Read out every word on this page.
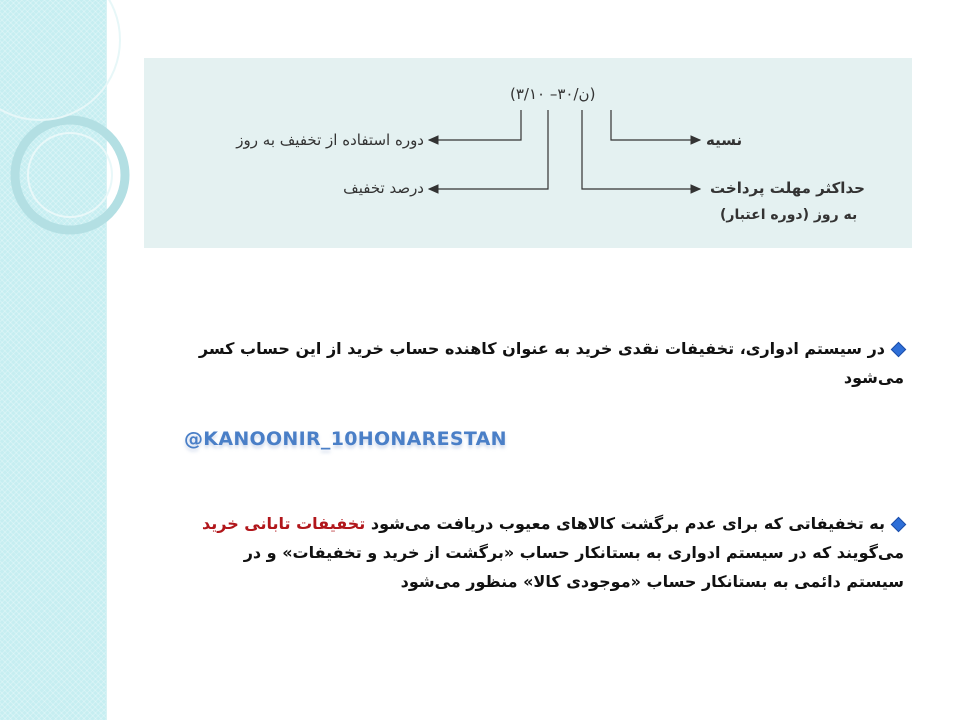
(ن/۳۰– ۳/۱۰)
دوره استفاده از تخفیف به روز	نسیه
درصد تخفیف	حداکثر مهلت پرداخت
به روز (دوره اعتبار)
در سیستم ادواری، تخفیفات نقدی خرید به عنوان کاهنده حساب خرید از این حساب کسر می‌شود
@KANOONIR_10HONARESTAN
به تخفیفاتی که برای عدم برگشت کالاهای معیوب دریافت می‌شود تخفیفات تابانی خرید می‌گویند که در سیستم ادواری به بستانکار حساب «برگشت از خرید و تخفیفات» و در سیستم دائمی به بستانکار حساب «موجودی کالا» منظور می‌شود
